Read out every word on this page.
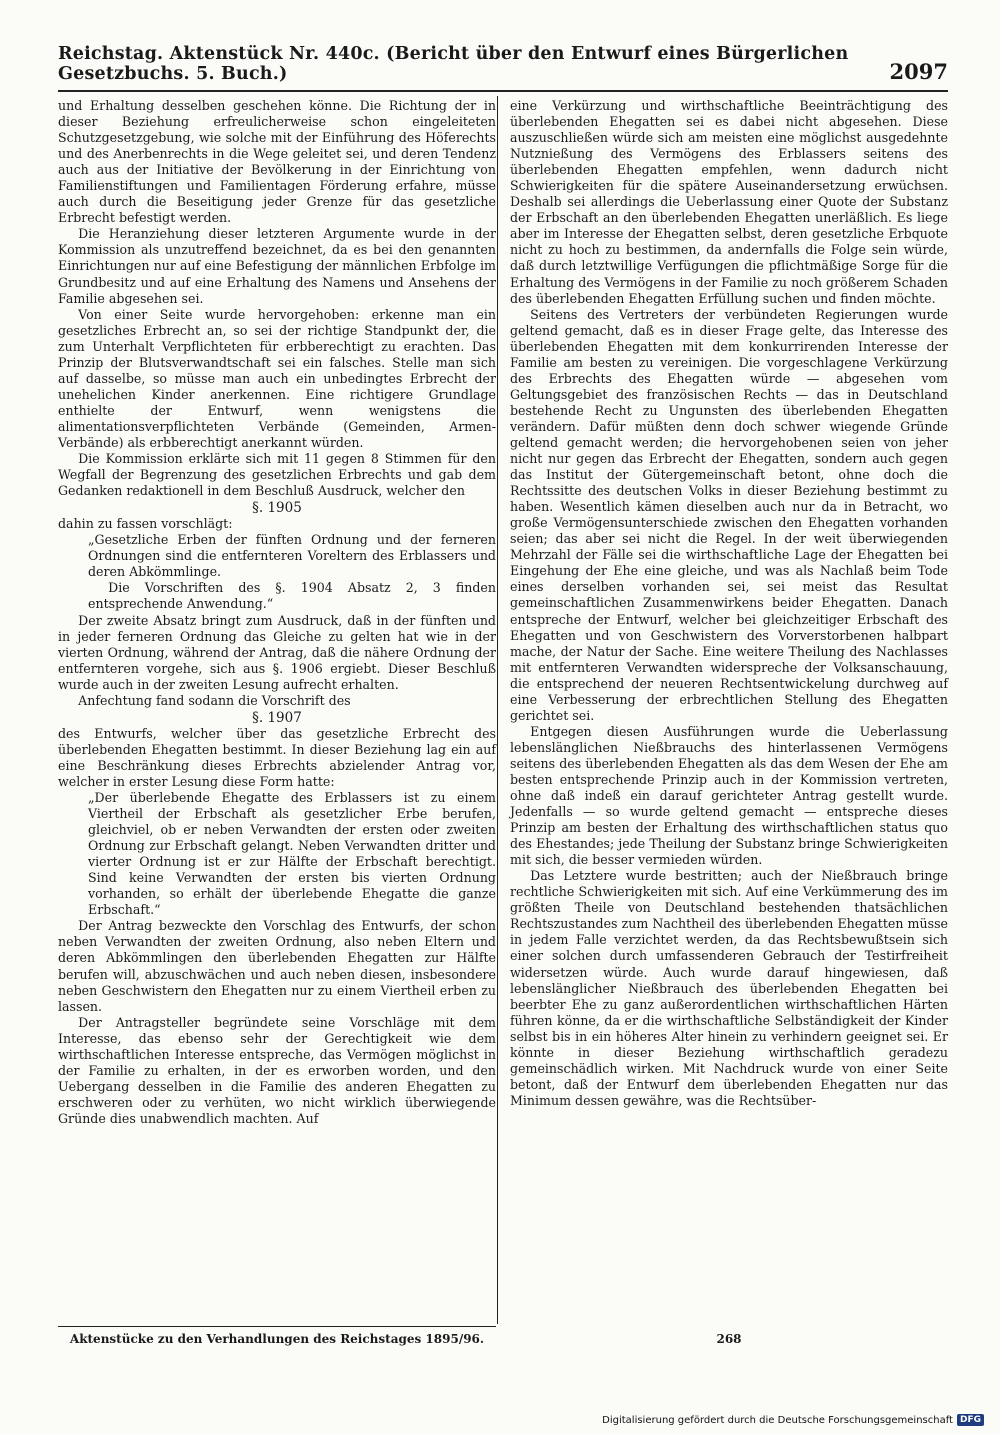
Reichstag. Aktenstück Nr. 440c. (Bericht über den Entwurf eines Bürgerlichen Gesetzbuchs. 5. Buch.)	2097

und Erhaltung desselben geschehen könne. Die Richtung der in dieser Beziehung erfreulicherweise schon eingeleiteten Schutzgesetzgebung, wie solche mit der Einführung des Höferechts und des Anerbenrechts in die Wege geleitet sei, und deren Tendenz auch aus der Initiative der Bevölkerung in der Einrichtung von Familienstiftungen und Familientagen Förderung erfahre, müsse auch durch die Beseitigung jeder Grenze für das gesetzliche Erbrecht befestigt werden.

Die Heranziehung dieser letzteren Argumente wurde in der Kommission als unzutreffend bezeichnet, da es bei den genannten Einrichtungen nur auf eine Befestigung der männlichen Erbfolge im Grundbesitz und auf eine Erhaltung des Namens und Ansehens der Familie abgesehen sei.

Von einer Seite wurde hervorgehoben: erkenne man ein gesetzliches Erbrecht an, so sei der richtige Standpunkt der, die zum Unterhalt Verpflichteten für erbberechtigt zu erachten. Das Prinzip der Blutsverwandtschaft sei ein falsches. Stelle man sich auf dasselbe, so müsse man auch ein unbedingtes Erbrecht der unehelichen Kinder anerkennen. Eine richtigere Grundlage enthielte der Entwurf, wenn wenigstens die alimentationsverpflichteten Verbände (Gemeinden, Armen-Verbände) als erbberechtigt anerkannt würden.

Die Kommission erklärte sich mit 11 gegen 8 Stimmen für den Wegfall der Begrenzung des gesetzlichen Erbrechts und gab dem Gedanken redaktionell in dem Beschluß Ausdruck, welcher den

§. 1905

dahin zu fassen vorschlägt:

„Gesetzliche Erben der fünften Ordnung und der ferneren Ordnungen sind die entfernteren Voreltern des Erblassers und deren Abkömmlinge.

Die Vorschriften des §. 1904 Absatz 2, 3 finden entsprechende Anwendung.“

Der zweite Absatz bringt zum Ausdruck, daß in der fünften und in jeder ferneren Ordnung das Gleiche zu gelten hat wie in der vierten Ordnung, während der Antrag, daß die nähere Ordnung der entfernteren vorgehe, sich aus §. 1906 ergiebt. Dieser Beschluß wurde auch in der zweiten Lesung aufrecht erhalten.

Anfechtung fand sodann die Vorschrift des

§. 1907

des Entwurfs, welcher über das gesetzliche Erbrecht des überlebenden Ehegatten bestimmt. In dieser Beziehung lag ein auf eine Beschränkung dieses Erbrechts abzielender Antrag vor, welcher in erster Lesung diese Form hatte:

„Der überlebende Ehegatte des Erblassers ist zu einem Viertheil der Erbschaft als gesetzlicher Erbe berufen, gleichviel, ob er neben Verwandten der ersten oder zweiten Ordnung zur Erbschaft gelangt. Neben Verwandten dritter und vierter Ordnung ist er zur Hälfte der Erbschaft berechtigt. Sind keine Verwandten der ersten bis vierten Ordnung vorhanden, so erhält der überlebende Ehegatte die ganze Erbschaft.“

Der Antrag bezweckte den Vorschlag des Entwurfs, der schon neben Verwandten der zweiten Ordnung, also neben Eltern und deren Abkömmlingen den überlebenden Ehegatten zur Hälfte berufen will, abzuschwächen und auch neben diesen, insbesondere neben Geschwistern den Ehegatten nur zu einem Viertheil erben zu lassen.

Der Antragsteller begründete seine Vorschläge mit dem Interesse, das ebenso sehr der Gerechtigkeit wie dem wirthschaftlichen Interesse entspreche, das Vermögen möglichst in der Familie zu erhalten, in der es erworben worden, und den Uebergang desselben in die Familie des anderen Ehegatten zu erschweren oder zu verhüten, wo nicht wirklich überwiegende Gründe dies unabwendlich machten. Auf

eine Verkürzung und wirthschaftliche Beeinträchtigung des überlebenden Ehegatten sei es dabei nicht abgesehen. Diese auszuschließen würde sich am meisten eine möglichst ausgedehnte Nutznießung des Vermögens des Erblassers seitens des überlebenden Ehegatten empfehlen, wenn dadurch nicht Schwierigkeiten für die spätere Auseinandersetzung erwüchsen. Deshalb sei allerdings die Ueberlassung einer Quote der Substanz der Erbschaft an den überlebenden Ehegatten unerläßlich. Es liege aber im Interesse der Ehegatten selbst, deren gesetzliche Erbquote nicht zu hoch zu bestimmen, da andernfalls die Folge sein würde, daß durch letztwillige Verfügungen die pflichtmäßige Sorge für die Erhaltung des Vermögens in der Familie zu noch größerem Schaden des überlebenden Ehegatten Erfüllung suchen und finden möchte.

Seitens des Vertreters der verbündeten Regierungen wurde geltend gemacht, daß es in dieser Frage gelte, das Interesse des überlebenden Ehegatten mit dem konkurrirenden Interesse der Familie am besten zu vereinigen. Die vorgeschlagene Verkürzung des Erbrechts des Ehegatten würde — abgesehen vom Geltungsgebiet des französischen Rechts — das in Deutschland bestehende Recht zu Ungunsten des überlebenden Ehegatten verändern. Dafür müßten denn doch schwer wiegende Gründe geltend gemacht werden; die hervorgehobenen seien von jeher nicht nur gegen das Erbrecht der Ehegatten, sondern auch gegen das Institut der Gütergemeinschaft betont, ohne doch die Rechtssitte des deutschen Volks in dieser Beziehung bestimmt zu haben. Wesentlich kämen dieselben auch nur da in Betracht, wo große Vermögensunterschiede zwischen den Ehegatten vorhanden seien; das aber sei nicht die Regel. In der weit überwiegenden Mehrzahl der Fälle sei die wirthschaftliche Lage der Ehegatten bei Eingehung der Ehe eine gleiche, und was als Nachlaß beim Tode eines derselben vorhanden sei, sei meist das Resultat gemeinschaftlichen Zusammenwirkens beider Ehegatten. Danach entspreche der Entwurf, welcher bei gleichzeitiger Erbschaft des Ehegatten und von Geschwistern des Vorverstorbenen halbpart mache, der Natur der Sache. Eine weitere Theilung des Nachlasses mit entfernteren Verwandten widerspreche der Volksanschauung, die entsprechend der neueren Rechtsentwickelung durchweg auf eine Verbesserung der erbrechtlichen Stellung des Ehegatten gerichtet sei.

Entgegen diesen Ausführungen wurde die Ueberlassung lebenslänglichen Nießbrauchs des hinterlassenen Vermögens seitens des überlebenden Ehegatten als das dem Wesen der Ehe am besten entsprechende Prinzip auch in der Kommission vertreten, ohne daß indeß ein darauf gerichteter Antrag gestellt wurde. Jedenfalls — so wurde geltend gemacht — entspreche dieses Prinzip am besten der Erhaltung des wirthschaftlichen status quo des Ehestandes; jede Theilung der Substanz bringe Schwierigkeiten mit sich, die besser vermieden würden.

Das Letztere wurde bestritten; auch der Nießbrauch bringe rechtliche Schwierigkeiten mit sich. Auf eine Verkümmerung des im größten Theile von Deutschland bestehenden thatsächlichen Rechtszustandes zum Nachtheil des überlebenden Ehegatten müsse in jedem Falle verzichtet werden, da das Rechtsbewußtsein sich einer solchen durch umfassenderen Gebrauch der Testirfreiheit widersetzen würde. Auch wurde darauf hingewiesen, daß lebenslänglicher Nießbrauch des überlebenden Ehegatten bei beerbter Ehe zu ganz außerordentlichen wirthschaftlichen Härten führen könne, da er die wirthschaftliche Selbständigkeit der Kinder selbst bis in ein höheres Alter hinein zu verhindern geeignet sei. Er könnte in dieser Beziehung wirthschaftlich geradezu gemeinschädlich wirken. Mit Nachdruck wurde von einer Seite betont, daß der Entwurf dem überlebenden Ehegatten nur das Minimum dessen gewähre, was die Rechtsüber-

Aktenstücke zu den Verhandlungen des Reichstages 1895/96.	268
Digitalisierung gefördert durch die Deutsche Forschungsgemeinschaft DFG
